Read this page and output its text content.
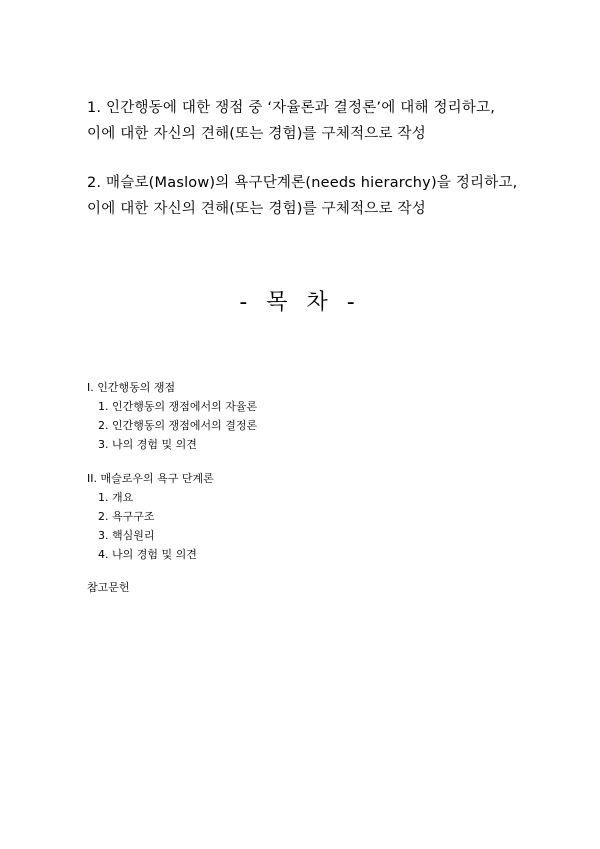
1. 인간행동에 대한 쟁점 중 ‘자율론과 결정론’에 대해 정리하고, 이에 대한 자신의 견해(또는 경험)를 구체적으로 작성
2. 매슬로(Maslow)의 욕구단계론(needs hierarchy)을 정리하고, 이에 대한 자신의 견해(또는 경험)를 구체적으로 작성
- 목 차 -
I. 인간행동의 쟁점
1. 인간행동의 쟁점에서의 자율론
2. 인간행동의 쟁점에서의 결정론
3. 나의 경험 및 의견
II. 매슬로우의 욕구 단계론
1. 개요
2. 욕구구조
3. 핵심원리
4. 나의 경험 및 의견
참고문헌
